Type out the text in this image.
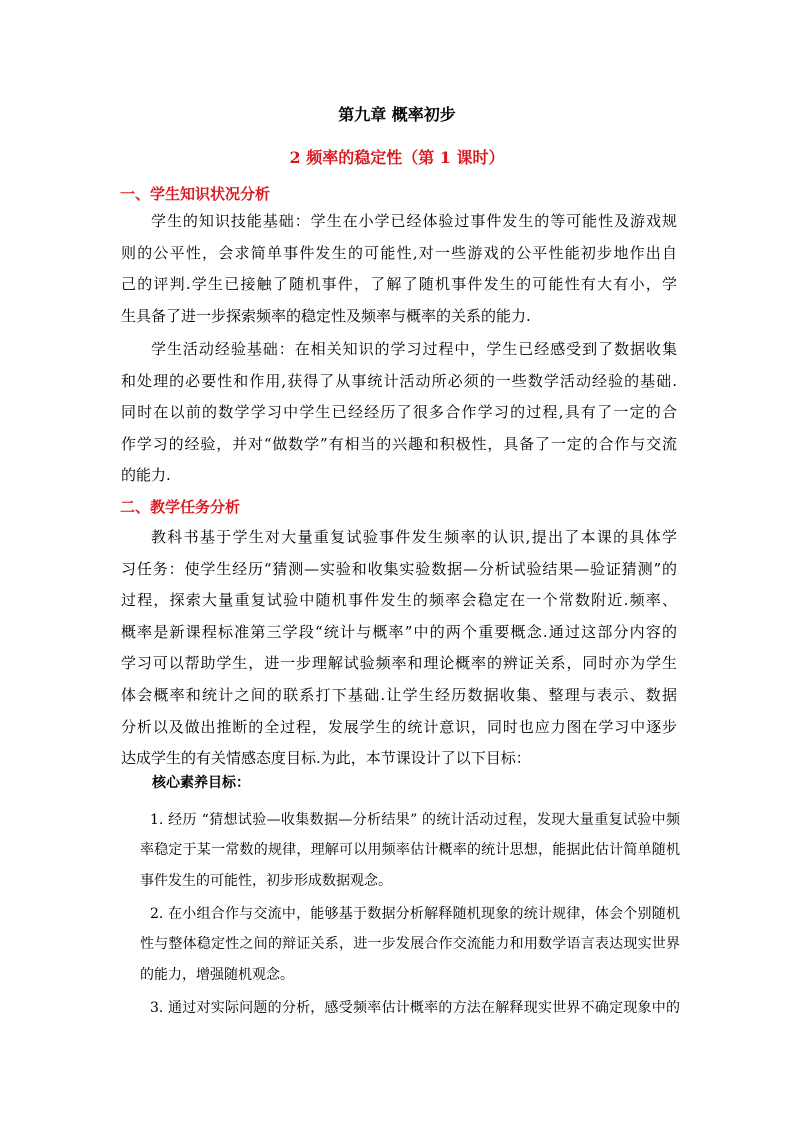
第九章 概率初步
2 频率的稳定性（第 1 课时）
一、学生知识状况分析
学生的知识技能基础：学生在小学已经体验过事件发生的等可能性及游戏规
则的公平性，会求简单事件发生的可能性,对一些游戏的公平性能初步地作出自
己的评判.学生已接触了随机事件，了解了随机事件发生的可能性有大有小，学
生具备了进一步探索频率的稳定性及频率与概率的关系的能力.
学生活动经验基础：在相关知识的学习过程中，学生已经感受到了数据收集
和处理的必要性和作用,获得了从事统计活动所必须的一些数学活动经验的基础.
同时在以前的数学学习中学生已经经历了很多合作学习的过程,具有了一定的合
作学习的经验，并对“做数学”有相当的兴趣和积极性，具备了一定的合作与交流
的能力.
二、教学任务分析
教科书基于学生对大量重复试验事件发生频率的认识,提出了本课的具体学
习任务：使学生经历“猜测—实验和收集实验数据—分析试验结果—验证猜测”的
过程，探索大量重复试验中随机事件发生的频率会稳定在一个常数附近.频率、
概率是新课程标准第三学段“统计与概率”中的两个重要概念.通过这部分内容的
学习可以帮助学生，进一步理解试验频率和理论概率的辨证关系，同时亦为学生
体会概率和统计之间的联系打下基础.让学生经历数据收集、整理与表示、数据
分析以及做出推断的全过程，发展学生的统计意识，同时也应力图在学习中逐步
达成学生的有关情感态度目标.为此，本节课设计了以下目标：
核心素养目标：
1. 经历 “猜想试验—收集数据—分析结果” 的统计活动过程，发现大量重复试验中频
率稳定于某一常数的规律，理解可以用频率估计概率的统计思想，能据此估计简单随机
事件发生的可能性，初步形成数据观念。
2. 在小组合作与交流中，能够基于数据分析解释随机现象的统计规律，体会个别随机
性与整体稳定性之间的辩证关系，进一步发展合作交流能力和用数学语言表达现实世界
的能力，增强随机观念。
3. 通过对实际问题的分析，感受频率估计概率的方法在解释现实世界不确定现象中的
